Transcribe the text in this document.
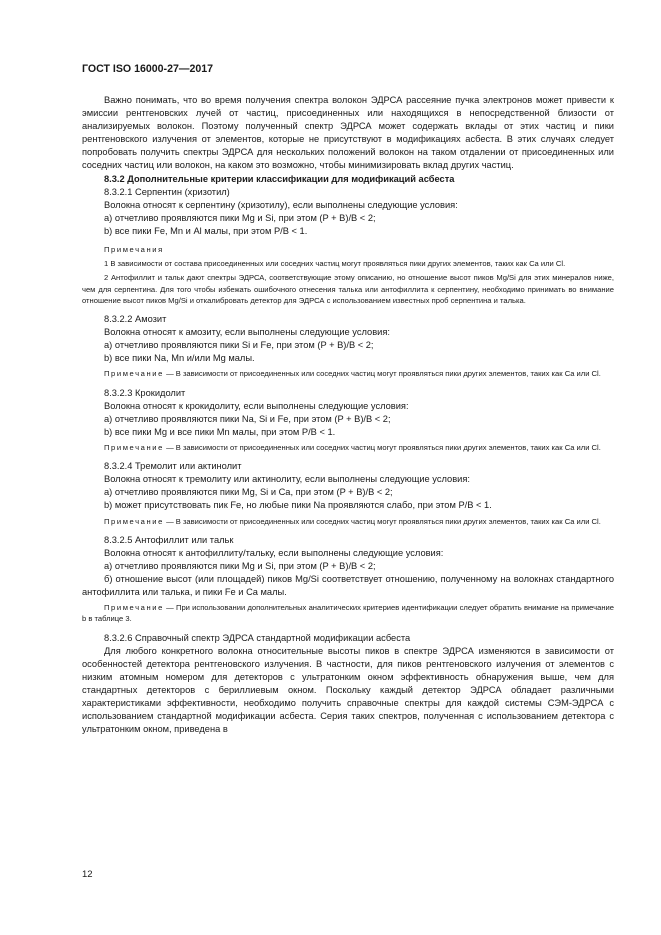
ГОСТ ISO 16000-27—2017

Важно понимать, что во время получения спектра волокон ЭДРСА рассеяние пучка электронов может привести к эмиссии рентгеновских лучей от частиц, присоединенных или находящихся в непосредственной близости от анализируемых волокон. Поэтому полученный спектр ЭДРСА может содержать вклады от этих частиц и пики рентгеновского излучения от элементов, которые не присутствуют в модификациях асбеста. В этих случаях следует попробовать получить спектры ЭДРСА для нескольких положений волокон на таком отдалении от присоединенных или соседних частиц или волокон, на каком это возможно, чтобы минимизировать вклад других частиц.

8.3.2 Дополнительные критерии классификации для модификаций асбеста

8.3.2.1 Серпентин (хризотил)

Волокна относят к серпентину (хризотилу), если выполнены следующие условия:

а) отчетливо проявляются пики Mg и Si, при этом (P + B)/B < 2;

b) все пики Fe, Mn и Al малы, при этом P/B < 1.

Примечания

1 В зависимости от состава присоединенных или соседних частиц могут проявляться пики других элементов, таких как Ca или Cl.

2 Антофиллит и тальк дают спектры ЭДРСА, соответствующие этому описанию, но отношение высот пиков Mg/Si для этих минералов ниже, чем для серпентина. Для того чтобы избежать ошибочного отнесения талька или антофиллита к серпентину, необходимо принимать во внимание отношение высот пиков Mg/Si и откалибровать детектор для ЭДРСА с использованием известных проб серпентина и талька.

8.3.2.2 Амозит

Волокна относят к амозиту, если выполнены следующие условия:

а) отчетливо проявляются пики Si и Fe, при этом (P + B)/B < 2;

b) все пики Na, Mn и/или Mg малы.

Примечание — В зависимости от присоединенных или соседних частиц могут проявляться пики других элементов, таких как Ca или Cl.

8.3.2.3 Крокидолит

Волокна относят к крокидолиту, если выполнены следующие условия:

а) отчетливо проявляются пики Na, Si и Fe, при этом (P + B)/B < 2;

b) все пики Mg и все пики Mn малы, при этом P/B < 1.

Примечание — В зависимости от присоединенных или соседних частиц могут проявляться пики других элементов, таких как Ca или Cl.

8.3.2.4 Тремолит или актинолит

Волокна относят к тремолиту или актинолиту, если выполнены следующие условия:

а) отчетливо проявляются пики Mg, Si и Ca, при этом (P + B)/B < 2;

b) может присутствовать пик Fe, но любые пики Na проявляются слабо, при этом P/B < 1.

Примечание — В зависимости от присоединенных или соседних частиц могут проявляться пики других элементов, таких как Ca или Cl.

8.3.2.5 Антофиллит или тальк

Волокна относят к антофиллиту/тальку, если выполнены следующие условия:

а) отчетливо проявляются пики Mg и Si, при этом (P + B)/B < 2;

б) отношение высот (или площадей) пиков Mg/Si соответствует отношению, полученному на волокнах стандартного антофиллита или талька, и пики Fe и Ca малы.

Примечание — При использовании дополнительных аналитических критериев идентификации следует обратить внимание на примечание b в таблице 3.

8.3.2.6 Справочный спектр ЭДРСА стандартной модификации асбеста

Для любого конкретного волокна относительные высоты пиков в спектре ЭДРСА изменяются в зависимости от особенностей детектора рентгеновского излучения. В частности, для пиков рентгеновского излучения от элементов с низким атомным номером для детекторов с ультратонким окном эффективность обнаружения выше, чем для стандартных детекторов с бериллиевым окном. Поскольку каждый детектор ЭДРСА обладает различными характеристиками эффективности, необходимо получить справочные спектры для каждой системы СЭМ-ЭДРСА с использованием стандартной модификации асбеста. Серия таких спектров, полученная с использованием детектора с ультратонким окном, приведена в

12
